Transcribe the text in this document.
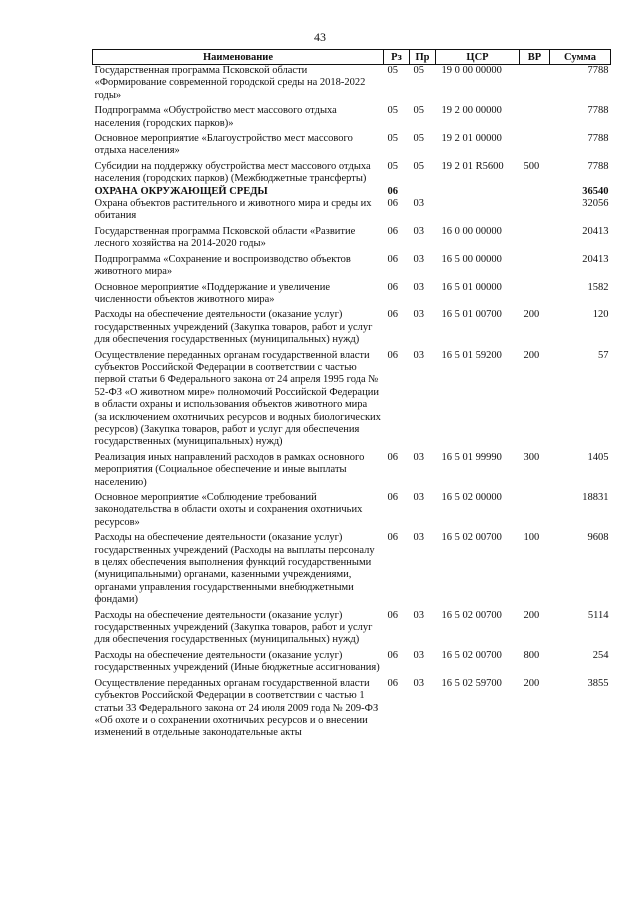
43
Наименование	Рз	Пр	ЦСР	ВР	Сумма
Государственная программа Псковской области «Формирование современной городской среды на 2018-2022 годы»	05	05	19 0 00 00000		7788
Подпрограмма «Обустройство мест массового отдыха населения (городских парков)»	05	05	19 2 00 00000		7788
Основное мероприятие «Благоустройство мест массового отдыха населения»	05	05	19 2 01 00000		7788
Субсидии на поддержку обустройства мест массового отдыха населения (городских парков) (Межбюджетные трансферты)	05	05	19 2 01 R5600	500	7788
ОХРАНА ОКРУЖАЮЩЕЙ СРЕДЫ	06				36540
Охрана объектов растительного и животного мира и среды их обитания	06	03			32056
Государственная программа Псковской области «Развитие лесного хозяйства на 2014-2020 годы»	06	03	16 0 00 00000		20413
Подпрограмма «Сохранение и воспроизводство объектов животного мира»	06	03	16 5 00 00000		20413
Основное мероприятие «Поддержание и увеличение численности объектов животного мира»	06	03	16 5 01 00000		1582
Расходы на обеспечение деятельности (оказание услуг) государственных учреждений (Закупка товаров, работ и услуг для обеспечения государственных (муниципальных) нужд)	06	03	16 5 01 00700	200	120
Осуществление переданных органам государственной власти субъектов Российской Федерации в соответствии с частью первой статьи 6 Федерального закона от 24 апреля 1995 года № 52-ФЗ «О животном мире» полномочий Российской Федерации в области охраны и использования объектов животного мира (за исключением охотничьих ресурсов и водных биологических ресурсов) (Закупка товаров, работ и услуг для обеспечения государственных (муниципальных) нужд)	06	03	16 5 01 59200	200	57
Реализация иных направлений расходов в рамках основного мероприятия (Социальное обеспечение и иные выплаты населению)	06	03	16 5 01 99990	300	1405
Основное мероприятие «Соблюдение требований законодательства в области охоты и сохранения охотничьих ресурсов»	06	03	16 5 02 00000		18831
Расходы на обеспечение деятельности (оказание услуг) государственных учреждений (Расходы на выплаты персоналу в целях обеспечения выполнения функций государственными (муниципальными) органами, казенными учреждениями, органами управления государственными внебюджетными фондами)	06	03	16 5 02 00700	100	9608
Расходы на обеспечение деятельности (оказание услуг) государственных учреждений (Закупка товаров, работ и услуг для обеспечения государственных (муниципальных) нужд)	06	03	16 5 02 00700	200	5114
Расходы на обеспечение деятельности (оказание услуг) государственных учреждений (Иные бюджетные ассигнования)	06	03	16 5 02 00700	800	254
Осуществление переданных органам государственной власти субъектов Российской Федерации в соответствии с частью 1 статьи 33 Федерального закона от 24 июля 2009 года № 209-ФЗ «Об охоте и о сохранении охотничьих ресурсов и о внесении изменений в отдельные законодательные акты	06	03	16 5 02 59700	200	3855
